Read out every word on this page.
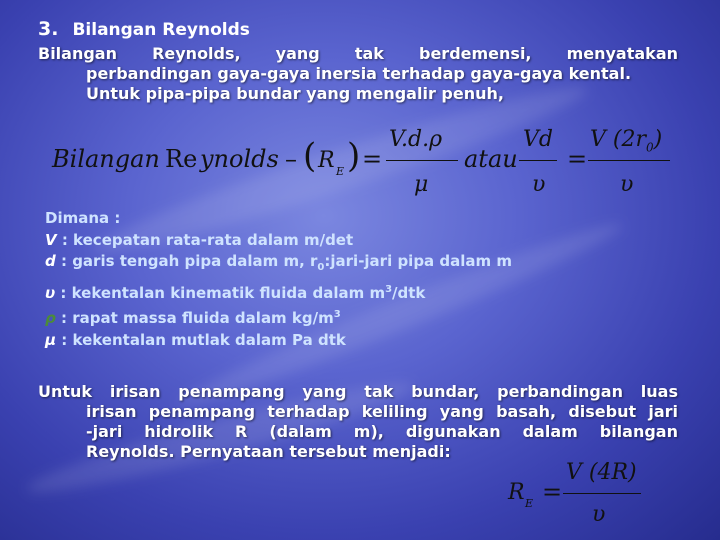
3. Bilangan Reynolds
Bilangan Reynolds, yang tak berdemensi, menyatakan
perbandingan gaya-gaya inersia terhadap gaya-gaya kental.
Untuk pipa-pipa bundar yang mengalir penuh,
Bilangan Re ynolds – ( R E ) =
V.d.ρ
μ
atau
Vd
υ
=
V $(2r_0)$
υ
Dimana :
V : kecepatan rata-rata dalam m/det
d : garis tengah pipa dalam m, $r_0:jari$-jari pipa dalam m
υ : kekentalan kinematik fluida dalam $m^3$/dtk
ρ : rapat massa fluida dalam $kg/m^3$
μ : kekentalan mutlak dalam Pa dtk
Untuk irisan penampang yang tak bundar, perbandingan luas
irisan penampang terhadap keliling yang basah, disebut jari
-jari hidrolik R (dalam m), digunakan dalam bilangan
Reynolds. Pernyataan tersebut menjadi:
R E =
V (4R)
υ
